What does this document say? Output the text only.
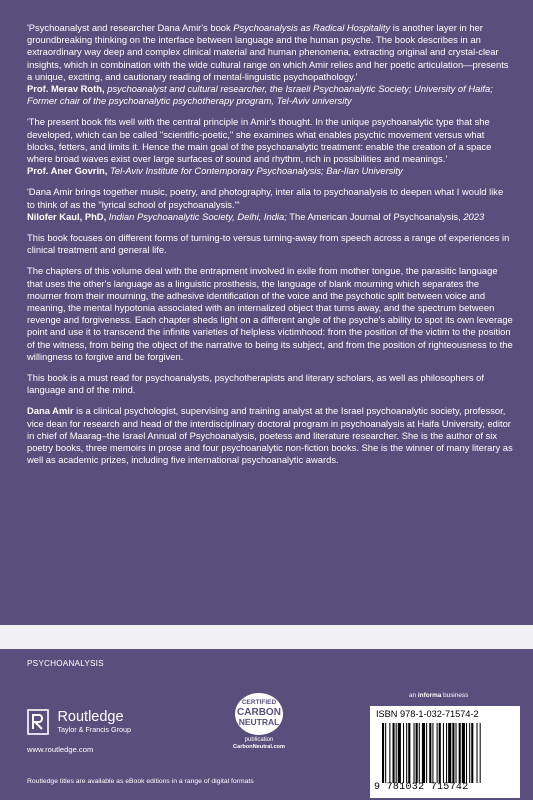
'Psychoanalyst and researcher Dana Amir's book Psychoanalysis as Radical Hospitality is another layer in her groundbreaking thinking on the interface between language and the human psyche. The book describes in an extraordinary way deep and complex clinical material and human phenomena, extracting original and crystal-clear insights, which in combination with the wide cultural range on which Amir relies and her poetic articulation—presents a unique, exciting, and cautionary reading of mental-linguistic psychopathology.'

Prof. Merav Roth, psychoanalyst and cultural researcher, the Israeli Psychoanalytic Society; University of Haifa; Former chair of the psychoanalytic psychotherapy program, Tel-Aviv university

'The present book fits well with the central principle in Amir's thought. In the unique psychoanalytic type that she developed, which can be called "scientific-poetic," she examines what enables psychic movement versus what blocks, fetters, and limits it. Hence the main goal of the psychoanalytic treatment: enable the creation of a space where broad waves exist over large surfaces of sound and rhythm, rich in possibilities and meanings.'

Prof. Aner Govrin, Tel-Aviv Institute for Contemporary Psychoanalysis; Bar-Ilan University

'Dana Amir brings together music, poetry, and photography, inter alia to psychoanalysis to deepen what I would like to think of as the "lyrical school of psychoanalysis."'

Nilofer Kaul, PhD, Indian Psychoanalytic Society, Delhi, India; The American Journal of Psychoanalysis, 2023

This book focuses on different forms of turning-to versus turning-away from speech across a range of experiences in clinical treatment and general life.

The chapters of this volume deal with the entrapment involved in exile from mother tongue, the parasitic language that uses the other's language as a linguistic prosthesis, the language of blank mourning which separates the mourner from their mourning, the adhesive identification of the voice and the psychotic split between voice and meaning, the mental hypotonia associated with an internalized object that turns away, and the spectrum between revenge and forgiveness. Each chapter sheds light on a different angle of the psyche's ability to spot its own leverage point and use it to transcend the infinite varieties of helpless victimhood: from the position of the victim to the position of the witness, from being the object of the narrative to being its subject, and from the position of righteousness to the willingness to forgive and be forgiven.

This book is a must read for psychoanalysts, psychotherapists and literary scholars, as well as philosophers of language and of the mind.

Dana Amir is a clinical psychologist, supervising and training analyst at the Israel psychoanalytic society, professor, vice dean for research and head of the interdisciplinary doctoral program in psychoanalysis at Haifa University, editor in chief of Maarag–the Israel Annual of Psychoanalysis, poetess and literature researcher. She is the author of six poetry books, three memoirs in prose and four psychoanalytic non-fiction books. She is the winner of many literary as well as academic prizes, including five international psychoanalytic awards.

PSYCHOANALYSIS

Routledge
Taylor & Francis Group
www.routledge.com
Routledge titles are available as eBook editions in a range of digital formats
CERTIFIED
CARBON
NEUTRAL
publication
CarbonNeutral.com
an informa business
ISBN 978-1-032-71574-2
9 781032 715742
